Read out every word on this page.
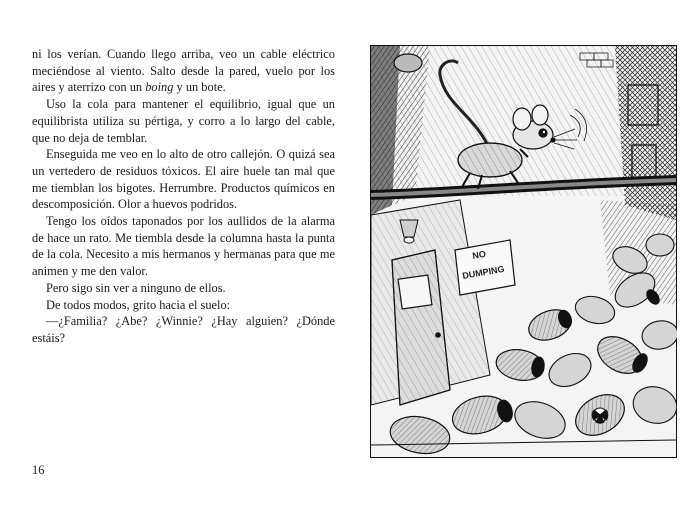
ni los verían. Cuando llego arriba, veo un cable eléctrico meciéndose al viento. Salto desde la pared, vuelo por los aires y aterrizo con un boing y un bote.

Uso la cola para mantener el equilibrio, igual que un equilibrista utiliza su pértiga, y corro a lo largo del cable, que no deja de temblar.

Enseguida me veo en lo alto de otro callejón. O quizá sea un vertedero de residuos tóxicos. El aire huele tan mal que me tiemblan los bigotes. Herrumbre. Productos químicos en descomposición. Olor a huevos podridos.

Tengo los oídos taponados por los aullidos de la alarma de hace un rato. Me tiembla desde la columna hasta la punta de la cola. Necesito a mis hermanos y hermanas para que me animen y me den valor.

Pero sigo sin ver a ninguno de ellos.

De todos modos, grito hacia el suelo:

—¿Familia? ¿Abe? ¿Winnie? ¿Hay alguien? ¿Dónde estáis?

16
NO
DUMPING
